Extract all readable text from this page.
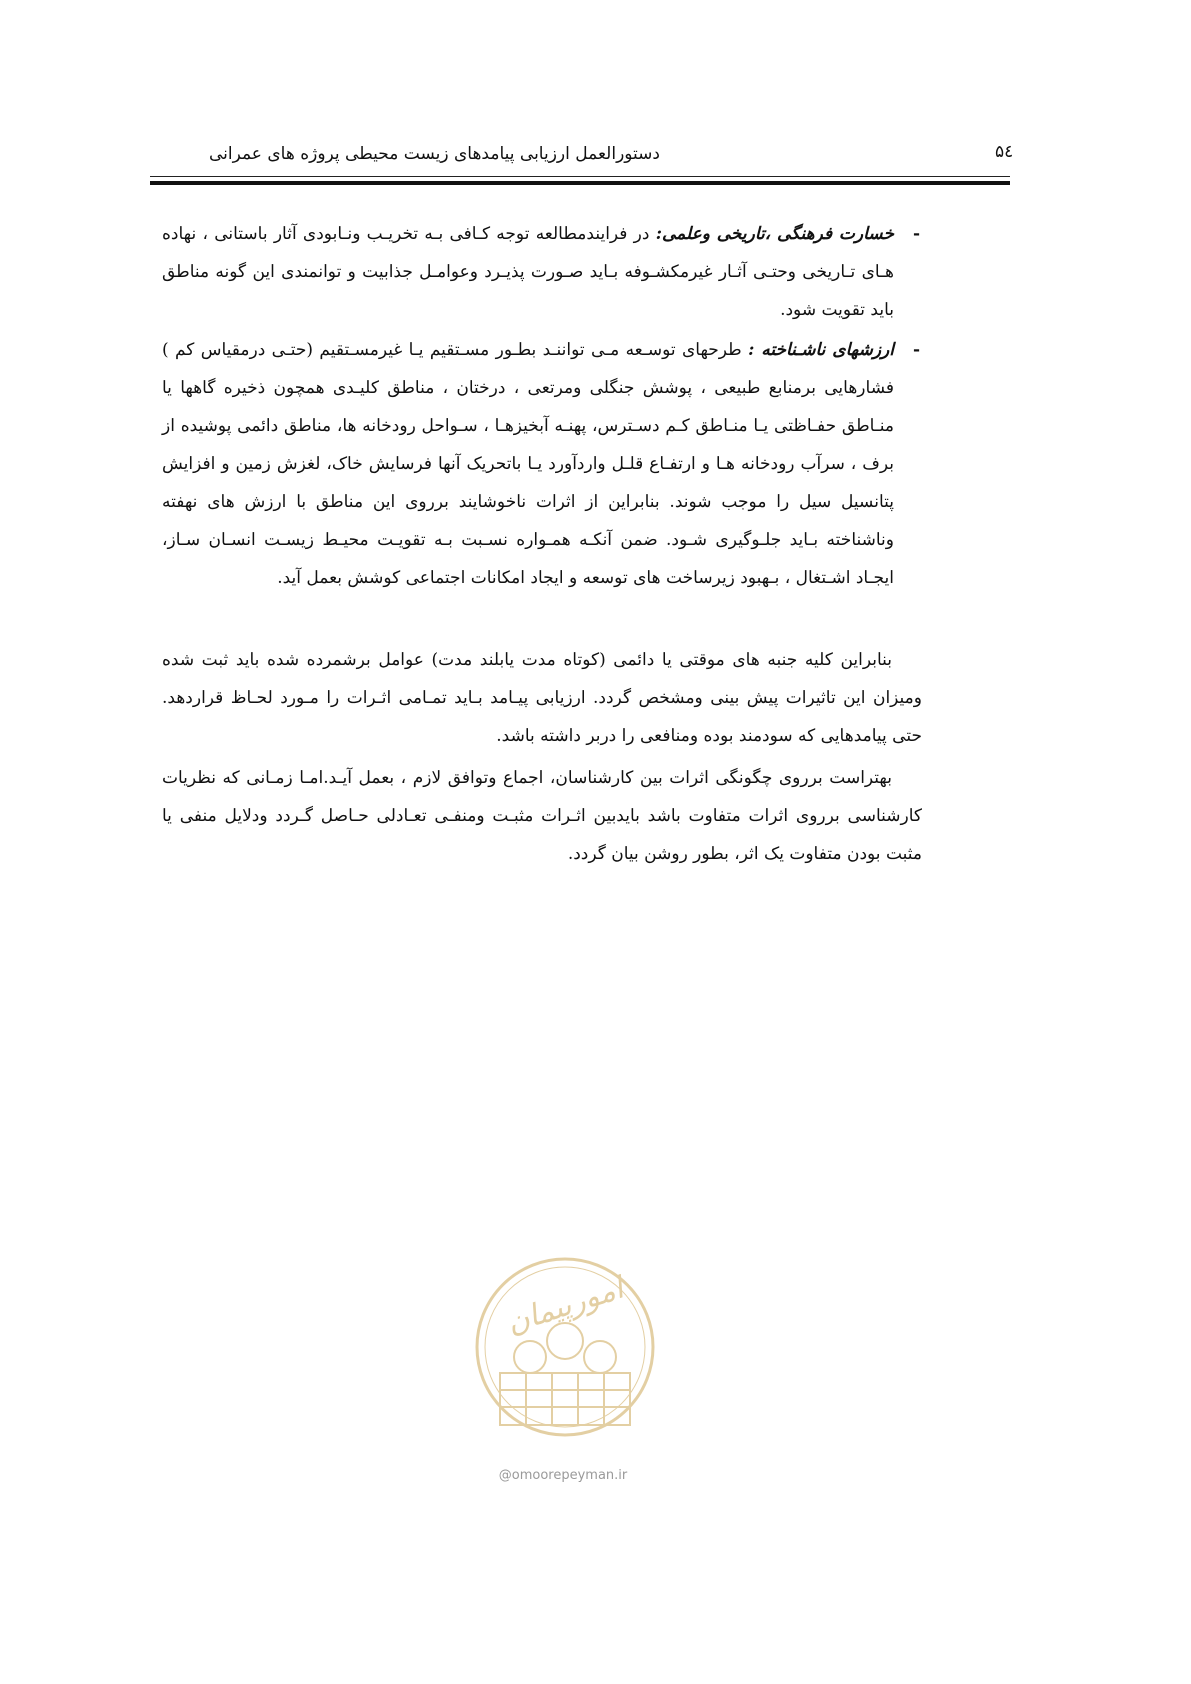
۵٤
دستورالعمل ارزیابی پیامدهای زیست محیطی پروژه های عمرانی

-
خسارت فرهنگی ،تاریخی وعلمی: در فرایندمطالعه توجه کـافی بـه تخریـب ونـابودی آثار باستانی ، نهاده هـای تـاریخی وحتـی آثـار غیرمکشـوفه بـاید صـورت پذیـرد وعوامـل جذابیت و توانمندی این گونه مناطق باید تقویت شود.

-
ارزشهای ناشـناخته : طرحهای توسـعه مـی تواننـد بطـور مسـتقیم یـا غیرمسـتقیم (حتـی درمقیاس کم ) فشارهایی برمنابع طبیعی ، پوشش جنگلی ومرتعی ، درختان ، مناطق کلیـدی همچون ذخیره گاهها یا منـاطق حفـاظتی یـا منـاطق کـم دسـترس، پهنـه آبخیزهـا ، سـواحل رودخانه ها، مناطق دائمی پوشیده از برف ، سرآب رودخانه هـا و ارتفـاع قلـل واردآورد یـا باتحریک آنها فرسایش خاک، لغزش زمین و افزایش پتانسیل سیل را موجب شوند. بنابراین از اثرات ناخوشایند برروی این مناطق با ارزش های نهفته وناشناخته بـاید جلـوگیری شـود. ضمن آنکـه همـواره نسـبت بـه تقویـت محیـط زیسـت انسـان سـاز، ایجـاد اشـتغال ، بـهبود زیرساخت های توسعه و ایجاد امکانات اجتماعی کوشش بعمل آید.

بنابراین کلیه جنبه های موقتی یا دائمی (کوتاه مدت یابلند مدت) عوامل برشمرده شده باید ثبت شده ومیزان این تاثیرات پیش بینی ومشخص گردد. ارزیابی پیـامد بـاید تمـامی اثـرات را مـورد لحـاظ قراردهد. حتی پیامدهایی که سودمند بوده ومنافعی را دربر داشته باشد.

بهتراست برروی چگونگی اثرات بین کارشناسان، اجماع وتوافق لازم ، بعمل آیـد.امـا زمـانی که نظریات کارشناسی برروی اثرات متفاوت باشد بایدبین اثـرات مثبـت ومنفـی تعـادلی حـاصل گـردد ودلایل منفی یا مثبت بودن متفاوت یک اثر، بطور روشن بیان گردد.

امورپیمان
@omoorepeyman.ir
